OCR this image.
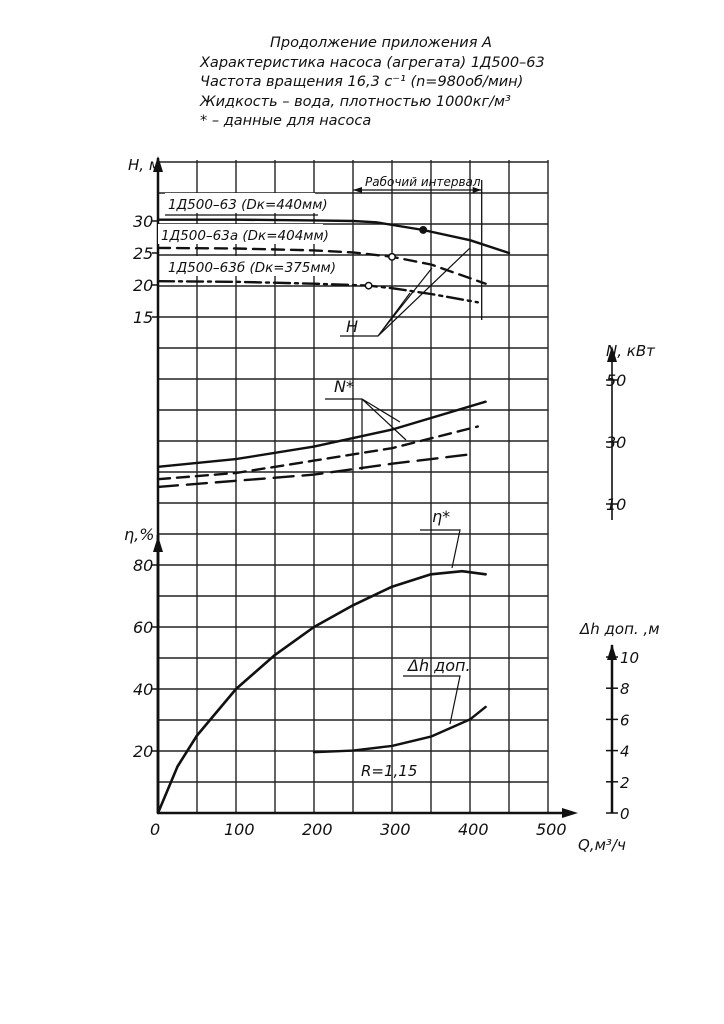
Продолжение приложения А
Характеристика насоса (агрегата) 1Д500–63
Частота вращения 16,3 с⁻¹ (n=980об/мин)
Жидкость – вода, плотностью 1000кг/м³
* – данные для насоса
0	100	200	300	400	500
Q,м³/ч
15
20
25
30
Н, м
10
30
50
N, кВт
20
40
60
80
η,%
0
2
4
6
8
10
Δh доп. ,м
Рабочий интервал
1Д500–63 (Dк=440мм)
1Д500–63а (Dк=404мм)
1Д500–63б (Dк=375мм)
H
N*
η*
Δh доп.
R=1,15
